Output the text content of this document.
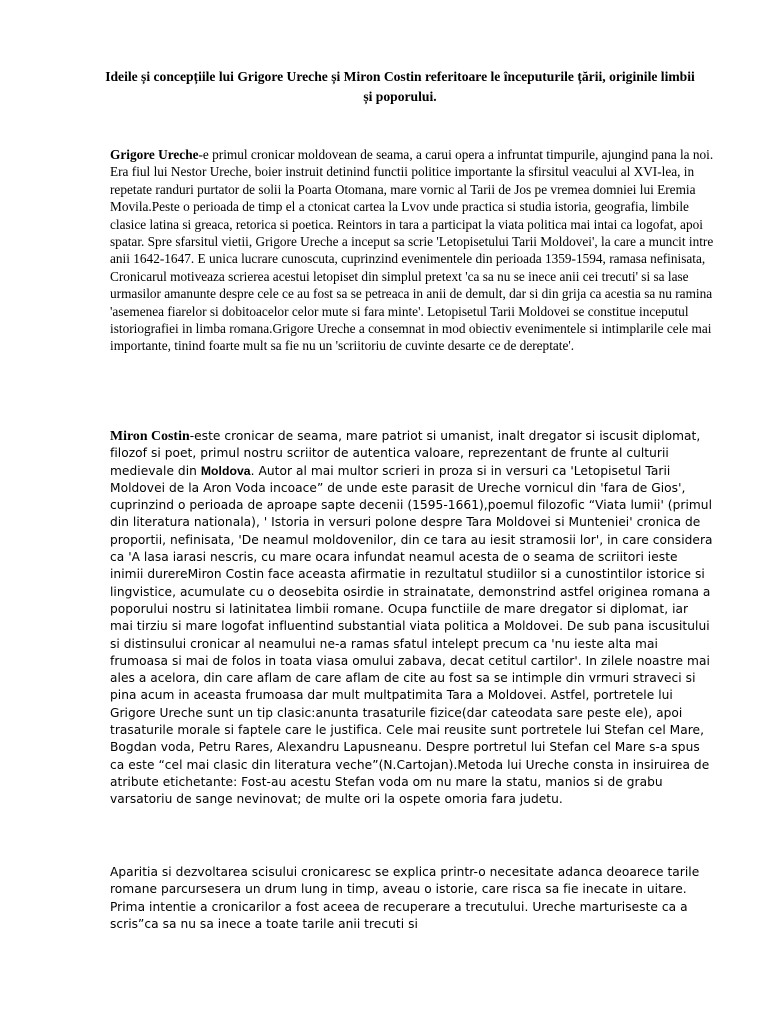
Ideile și concepțiile lui Grigore Ureche și Miron Costin referitoare le începuturile țării, originile limbii și poporului.

Grigore Ureche-e primul cronicar moldovean de seama, a carui opera a infruntat timpurile, ajungind pana la noi. Era fiul lui Nestor Ureche, boier instruit detinind functii politice importante la sfirsitul veacului al XVI-lea, in repetate randuri purtator de solii la Poarta Otomana, mare vornic al Tarii de Jos pe vremea domniei lui Eremia Movila.Peste o perioada de timp el a ctonicat cartea la Lvov unde practica si studia istoria, geografia, limbile clasice latina si greaca, retorica si poetica. Reintors in tara a participat la viata politica mai intai ca logofat, apoi spatar. Spre sfarsitul vietii, Grigore Ureche a inceput sa scrie 'Letopisetului Tarii Moldovei', la care a muncit intre anii 1642-1647. E unica lucrare cunoscuta, cuprinzind evenimentele din perioada 1359-1594, ramasa nefinisata, Cronicarul motiveaza scrierea acestui letopiset din simplul pretext 'ca sa nu se inece anii cei trecuti' si sa lase urmasilor amanunte despre cele ce au fost sa se petreaca in anii de demult, dar si din grija ca acestia sa nu ramina 'asemenea fiarelor si dobitoacelor celor mute si fara minte'. Letopisetul Tarii Moldovei se constitue inceputul istoriografiei in limba romana.Grigore Ureche a consemnat in mod obiectiv evenimentele si intimplarile cele mai importante, tinind foarte mult sa fie nu un 'scriitoriu de cuvinte desarte ce de dereptate'.

Miron Costin-este cronicar de seama, mare patriot si umanist, inalt dregator si iscusit diplomat, filozof si poet, primul nostru scriitor de autentica valoare, reprezentant de frunte al culturii medievale din Moldova. Autor al mai multor scrieri in proza si in versuri ca 'Letopisetul Tarii Moldovei de la Aron Voda incoace” de unde este parasit de Ureche vornicul din 'fara de Gios', cuprinzind o perioada de aproape sapte decenii (1595-1661),poemul filozofic “Viata lumii' (primul din literatura nationala), ' Istoria in versuri polone despre Tara Moldovei si Munteniei' cronica de proportii, nefinisata, 'De neamul moldovenilor, din ce tara au iesit stramosii lor', in care considera ca 'A lasa iarasi nescris, cu mare ocara infundat neamul acesta de o seama de scriitori ieste inimii durereMiron Costin face aceasta afirmatie in rezultatul studiilor si a cunostintilor istorice si lingvistice, acumulate cu o deosebita osirdie in strainatate, demonstrind astfel originea romana a poporului nostru si latinitatea limbii romane. Ocupa functiile de mare dregator si diplomat, iar mai tirziu si mare logofat influentind substantial viata politica a Moldovei. De sub pana iscusitului si distinsului cronicar al neamului ne-a ramas sfatul intelept precum ca 'nu ieste alta mai frumoasa si mai de folos in toata viasa omului zabava, decat cetitul cartilor'. In zilele noastre mai ales a acelora, din care aflam de care aflam de cite au fost sa se intimple din vrmuri straveci si pina acum in aceasta frumoasa dar mult multpatimita Tara a Moldovei. Astfel, portretele lui Grigore Ureche sunt un tip clasic:anunta trasaturile fizice(dar cateodata sare peste ele), apoi trasaturile morale si faptele care le justifica. Cele mai reusite sunt portretele lui Stefan cel Mare, Bogdan voda, Petru Rares, Alexandru Lapusneanu. Despre portretul lui Stefan cel Mare s-a spus ca este “cel mai clasic din literatura veche”(N.Cartojan).Metoda lui Ureche consta in insiruirea de atribute etichetante: Fost-au acestu Stefan voda om nu mare la statu, manios si de grabu varsatoriu de sange nevinovat; de multe ori la ospete omoria fara judetu.

Aparitia si dezvoltarea scisului cronicaresc se explica printr-o necesitate adanca deoarece tarile romane parcursesera un drum lung in timp, aveau o istorie, care risca sa fie inecate in uitare. Prima intentie a cronicarilor a fost aceea de recuperare a trecutului. Ureche marturiseste ca a scris”ca sa nu sa inece a toate tarile anii trecuti si
